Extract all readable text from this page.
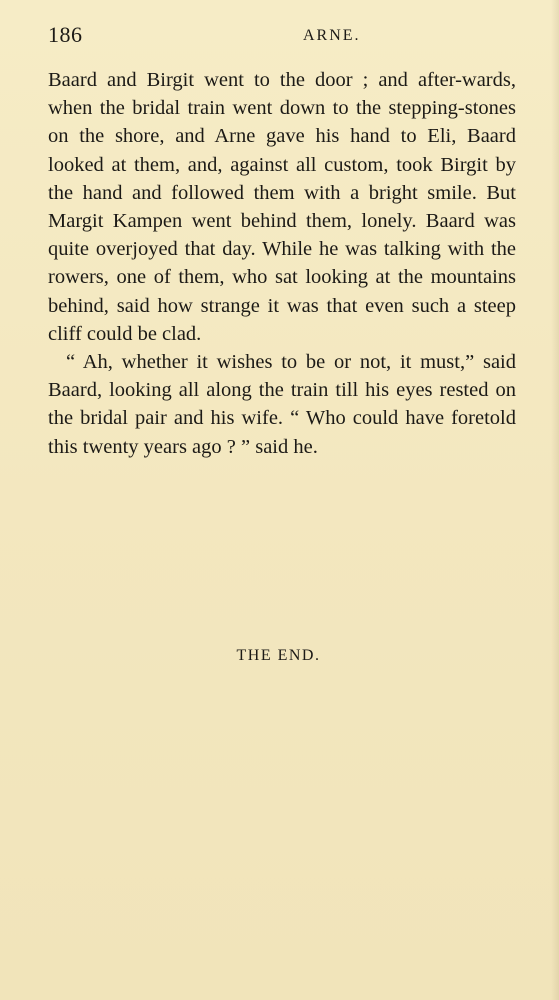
186	ARNE.

Baard and Birgit went to the door ; and after-wards, when the bridal train went down to the stepping-stones on the shore, and Arne gave his hand to Eli, Baard looked at them, and, against all custom, took Birgit by the hand and followed them with a bright smile. But Margit Kampen went behind them, lonely. Baard was quite overjoyed that day. While he was talking with the rowers, one of them, who sat looking at the mountains behind, said how strange it was that even such a steep cliff could be clad.

“ Ah, whether it wishes to be or not, it must,” said Baard, looking all along the train till his eyes rested on the bridal pair and his wife. “ Who could have foretold this twenty years ago ? ” said he.

THE END.
